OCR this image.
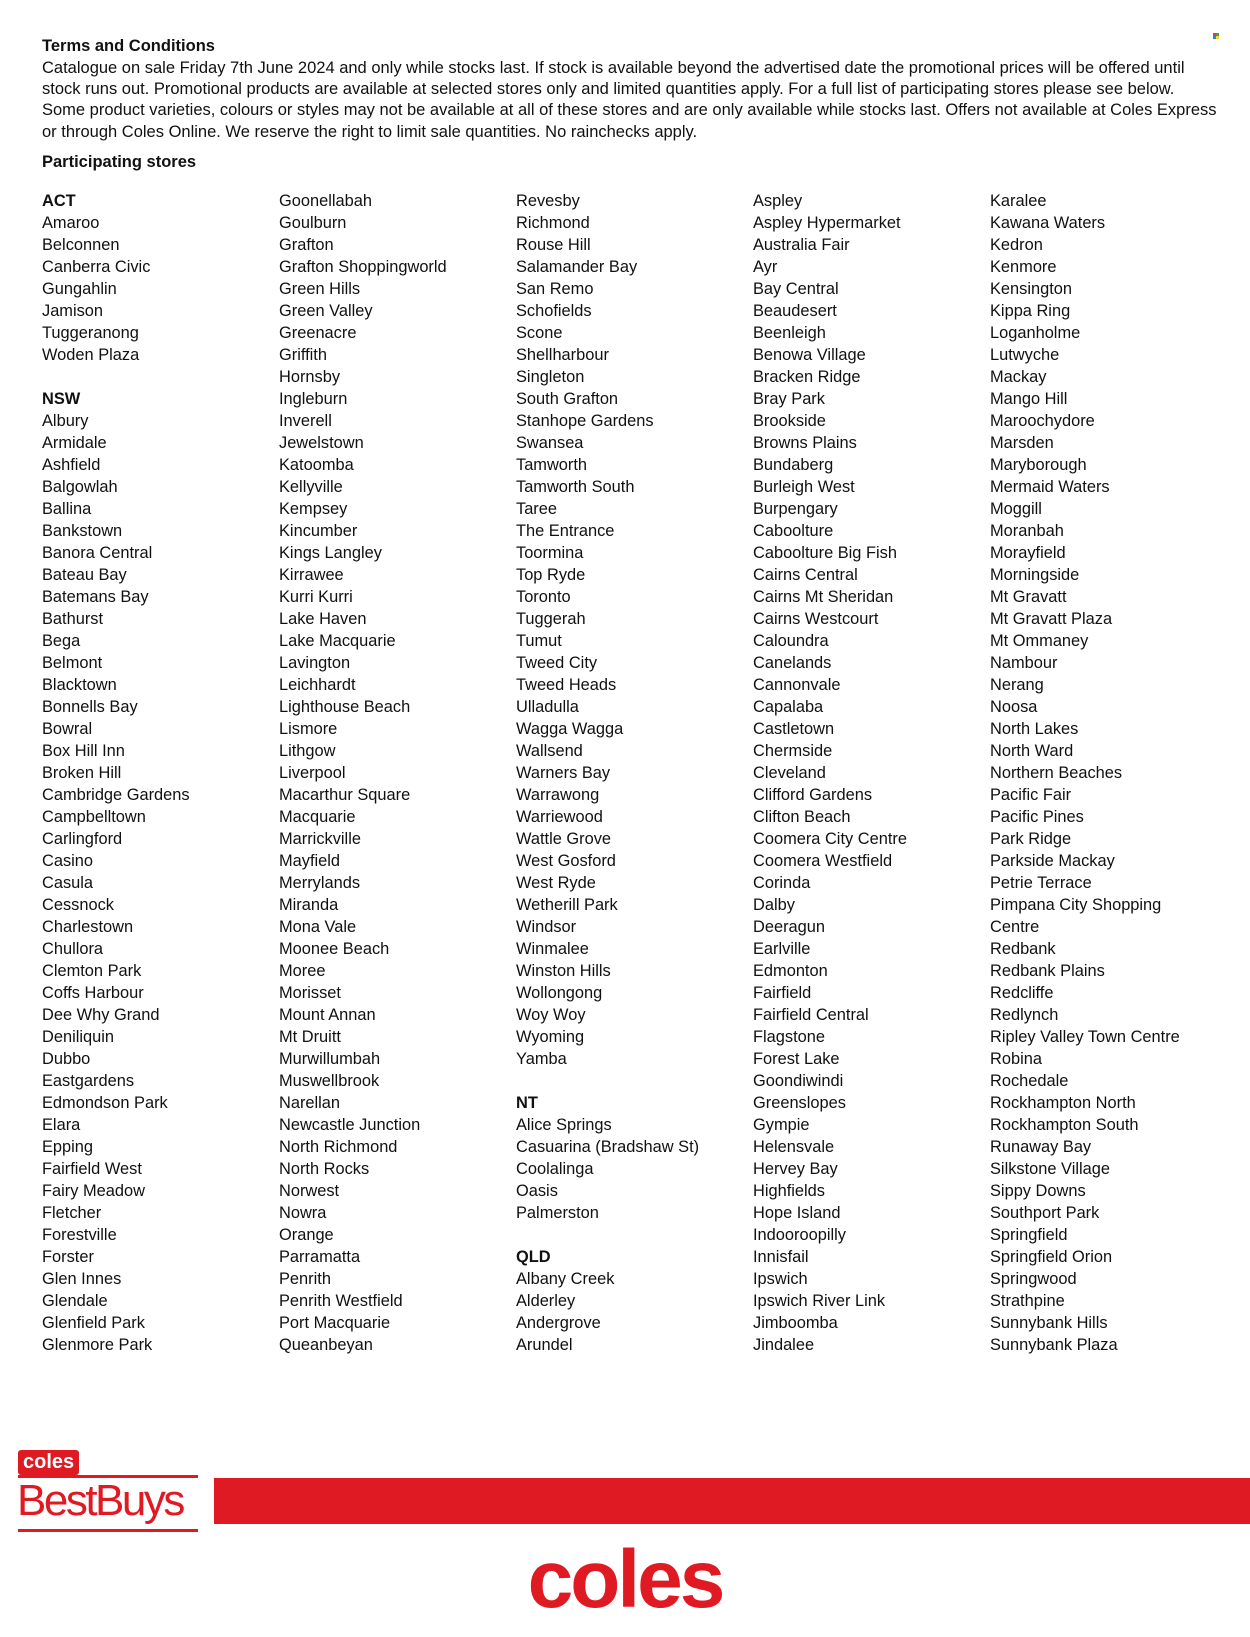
Terms and Conditions
Catalogue on sale Friday 7th June 2024 and only while stocks last. If stock is available beyond the advertised date the promotional prices will be offered until stock runs out. Promotional products are available at selected stores only and limited quantities apply. For a full list of participating stores please see below. Some product varieties, colours or styles may not be available at all of these stores and are only available while stocks last. Offers not available at Coles Express or through Coles Online. We reserve the right to limit sale quantities. No rainchecks apply.
Participating stores
ACT
Amaroo
Belconnen
Canberra Civic
Gungahlin
Jamison
Tuggeranong
Woden Plaza
NSW
Albury
Armidale
Ashfield
Balgowlah
Ballina
Bankstown
Banora Central
Bateau Bay
Batemans Bay
Bathurst
Bega
Belmont
Blacktown
Bonnells Bay
Bowral
Box Hill Inn
Broken Hill
Cambridge Gardens
Campbelltown
Carlingford
Casino
Casula
Cessnock
Charlestown
Chullora
Clemton Park
Coffs Harbour
Dee Why Grand
Deniliquin
Dubbo
Eastgardens
Edmondson Park
Elara
Epping
Fairfield West
Fairy Meadow
Fletcher
Forestville
Forster
Glen Innes
Glendale
Glenfield Park
Glenmore Park
Goonellabah
Goulburn
Grafton
Grafton Shoppingworld
Green Hills
Green Valley
Greenacre
Griffith
Hornsby
Ingleburn
Inverell
Jewelstown
Katoomba
Kellyville
Kempsey
Kincumber
Kings Langley
Kirrawee
Kurri Kurri
Lake Haven
Lake Macquarie
Lavington
Leichhardt
Lighthouse Beach
Lismore
Lithgow
Liverpool
Macarthur Square
Macquarie
Marrickville
Mayfield
Merrylands
Miranda
Mona Vale
Moonee Beach
Moree
Morisset
Mount Annan
Mt Druitt
Murwillumbah
Muswellbrook
Narellan
Newcastle Junction
North Richmond
North Rocks
Norwest
Nowra
Orange
Parramatta
Penrith
Penrith Westfield
Port Macquarie
Queanbeyan
Revesby
Richmond
Rouse Hill
Salamander Bay
San Remo
Schofields
Scone
Shellharbour
Singleton
South Grafton
Stanhope Gardens
Swansea
Tamworth
Tamworth South
Taree
The Entrance
Toormina
Top Ryde
Toronto
Tuggerah
Tumut
Tweed City
Tweed Heads
Ulladulla
Wagga Wagga
Wallsend
Warners Bay
Warrawong
Warriewood
Wattle Grove
West Gosford
West Ryde
Wetherill Park
Windsor
Winmalee
Winston Hills
Wollongong
Woy Woy
Wyoming
Yamba
NT
Alice Springs
Casuarina (Bradshaw St)
Coolalinga
Oasis
Palmerston
QLD
Albany Creek
Alderley
Andergrove
Arundel
Aspley
Aspley Hypermarket
Australia Fair
Ayr
Bay Central
Beaudesert
Beenleigh
Benowa Village
Bracken Ridge
Bray Park
Brookside
Browns Plains
Bundaberg
Burleigh West
Burpengary
Caboolture
Caboolture Big Fish
Cairns Central
Cairns Mt Sheridan
Cairns Westcourt
Caloundra
Canelands
Cannonvale
Capalaba
Castletown
Chermside
Cleveland
Clifford Gardens
Clifton Beach
Coomera City Centre
Coomera Westfield
Corinda
Dalby
Deeragun
Earlville
Edmonton
Fairfield
Fairfield Central
Flagstone
Forest Lake
Goondiwindi
Greenslopes
Gympie
Helensvale
Hervey Bay
Highfields
Hope Island
Indooroopilly
Innisfail
Ipswich
Ipswich River Link
Jimboomba
Jindalee
Karalee
Kawana Waters
Kedron
Kenmore
Kensington
Kippa Ring
Loganholme
Lutwyche
Mackay
Mango Hill
Maroochydore
Marsden
Maryborough
Mermaid Waters
Moggill
Moranbah
Morayfield
Morningside
Mt Gravatt
Mt Gravatt Plaza
Mt Ommaney
Nambour
Nerang
Noosa
North Lakes
North Ward
Northern Beaches
Pacific Fair
Pacific Pines
Park Ridge
Parkside Mackay
Petrie Terrace
Pimpana City Shopping
Centre
Redbank
Redbank Plains
Redcliffe
Redlynch
Ripley Valley Town Centre
Robina
Rochedale
Rockhampton North
Rockhampton South
Runaway Bay
Silkstone Village
Sippy Downs
Southport Park
Springfield
Springfield Orion
Springwood
Strathpine
Sunnybank Hills
Sunnybank Plaza
coles
BestBuys
coles
